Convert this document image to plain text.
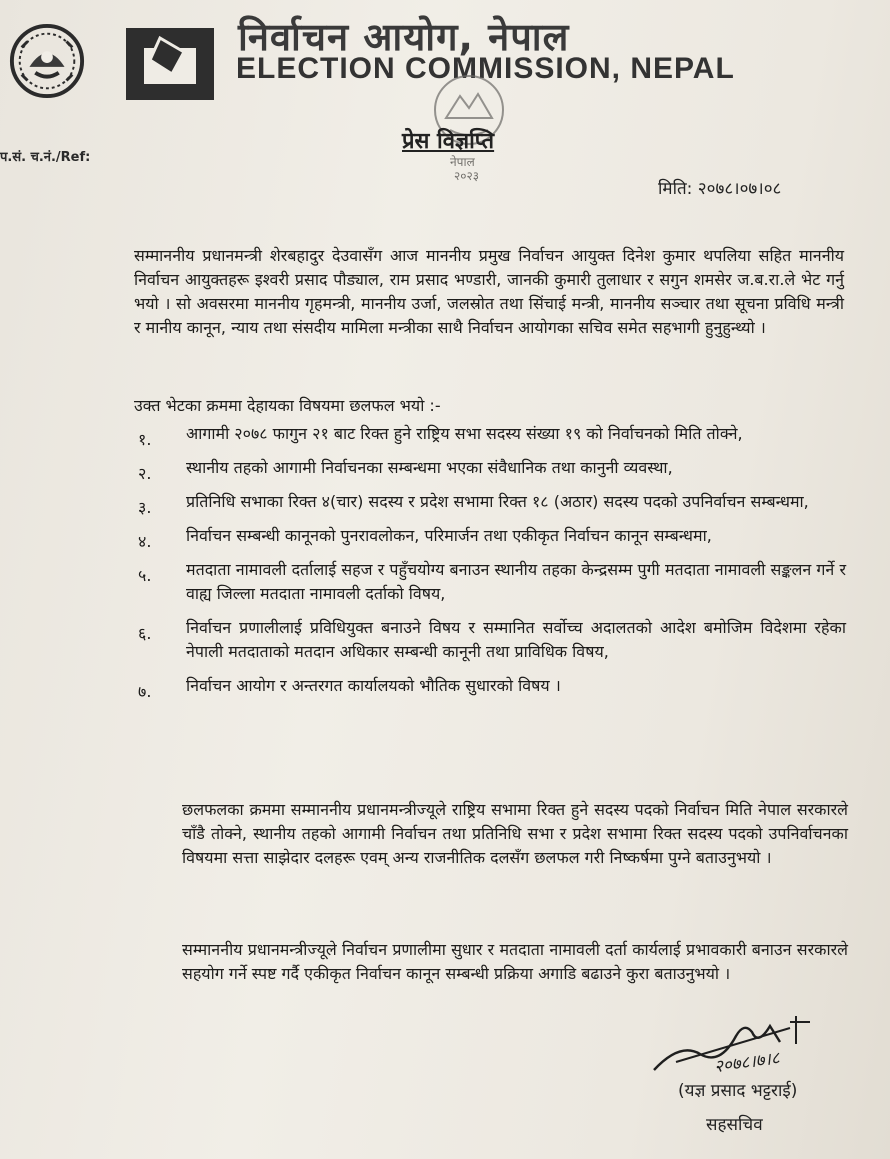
निर्वाचन आयोग, नेपाल
ELECTION COMMISSION, NEPAL
नेपाल
२०२३
प.सं. च.नं./Ref:
प्रेस विज्ञप्ति
मिति: २०७८।०७।०८
सम्माननीय प्रधानमन्त्री शेरबहादुर देउवासँग आज माननीय प्रमुख निर्वाचन आयुक्त दिनेश कुमार थपलिया सहित माननीय निर्वाचन आयुक्तहरू इश्वरी प्रसाद पौड्याल, राम प्रसाद भण्डारी, जानकी कुमारी तुलाधार र सगुन शमसेर ज.ब.रा.ले भेट गर्नु भयो । सो अवसरमा माननीय गृहमन्त्री, माननीय उर्जा, जलस्रोत तथा सिंचाई मन्त्री, माननीय सञ्चार तथा सूचना प्रविधि मन्त्री र मानीय कानून, न्याय तथा संसदीय मामिला मन्त्रीका साथै निर्वाचन आयोगका सचिव समेत सहभागी हुनुहुन्थ्यो ।
उक्त भेटका क्रममा देहायका विषयमा छलफल भयो :-
१.	आगामी २०७८ फागुन २१ बाट रिक्त हुने राष्ट्रिय सभा सदस्य संख्या १९ को निर्वाचनको मिति तोक्ने,
२.	स्थानीय तहको आगामी निर्वाचनका सम्बन्धमा भएका संवैधानिक तथा कानुनी व्यवस्था,
३.	प्रतिनिधि सभाका रिक्त ४(चार) सदस्य र प्रदेश सभामा रिक्त १८ (अठार) सदस्य पदको उपनिर्वाचन सम्बन्धमा,
४.	निर्वाचन सम्बन्धी कानूनको पुनरावलोकन, परिमार्जन तथा एकीकृत निर्वाचन कानून सम्बन्धमा,
५.	मतदाता नामावली दर्तालाई सहज र पहुँचयोग्य बनाउन स्थानीय तहका केन्द्रसम्म पुगी मतदाता नामावली सङ्कलन गर्ने र वाह्य जिल्ला मतदाता नामावली दर्ताको विषय,
६.	निर्वाचन प्रणालीलाई प्रविधियुक्त बनाउने विषय र सम्मानित सर्वोच्च अदालतको आदेश बमोजिम विदेशमा रहेका नेपाली मतदाताको मतदान अधिकार सम्बन्धी कानूनी तथा प्राविधिक विषय,
७.	निर्वाचन आयोग र अन्तरगत कार्यालयको भौतिक सुधारको विषय ।
छलफलका क्रममा सम्माननीय प्रधानमन्त्रीज्यूले राष्ट्रिय सभामा रिक्त हुने सदस्य पदको निर्वाचन मिति नेपाल सरकारले चाँडै तोक्ने, स्थानीय तहको आगामी निर्वाचन तथा प्रतिनिधि सभा र प्रदेश सभामा रिक्त सदस्य पदको उपनिर्वाचनका विषयमा सत्ता साझेदार दलहरू एवम् अन्य राजनीतिक दलसँग छलफल गरी निष्कर्षमा पुग्ने बताउनुभयो ।
सम्माननीय प्रधानमन्त्रीज्यूले निर्वाचन प्रणालीमा सुधार र मतदाता नामावली दर्ता कार्यलाई प्रभावकारी बनाउन सरकारले सहयोग गर्ने स्पष्ट गर्दै एकीकृत निर्वाचन कानून सम्बन्धी प्रक्रिया अगाडि बढाउने कुरा बताउनुभयो ।
२०७८।७।८
(यज्ञ प्रसाद भट्टराई)
सहसचिव
